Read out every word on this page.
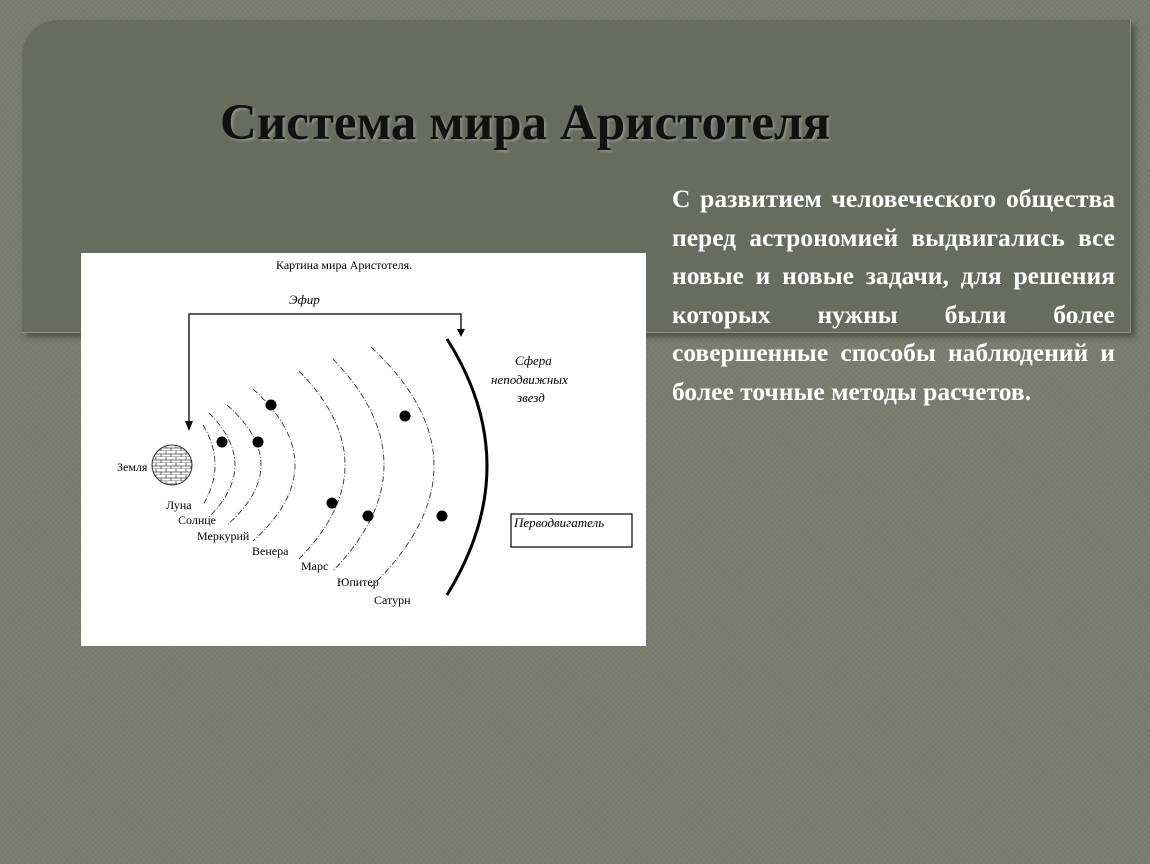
Система мира Аристотеля
Картина мира Аристотеля.
Эфир
Сфера
неподвижных
звезд
Перводвигатель
Земля
Луна
Солнце
Меркурий
Венера
Марс
Юпитер
Сатурн

С развитием человеческого общества перед астрономией выдвигались все новые и новые задачи, для решения которых нужны были более совершенные способы наблюдений и более точные методы расчетов.
